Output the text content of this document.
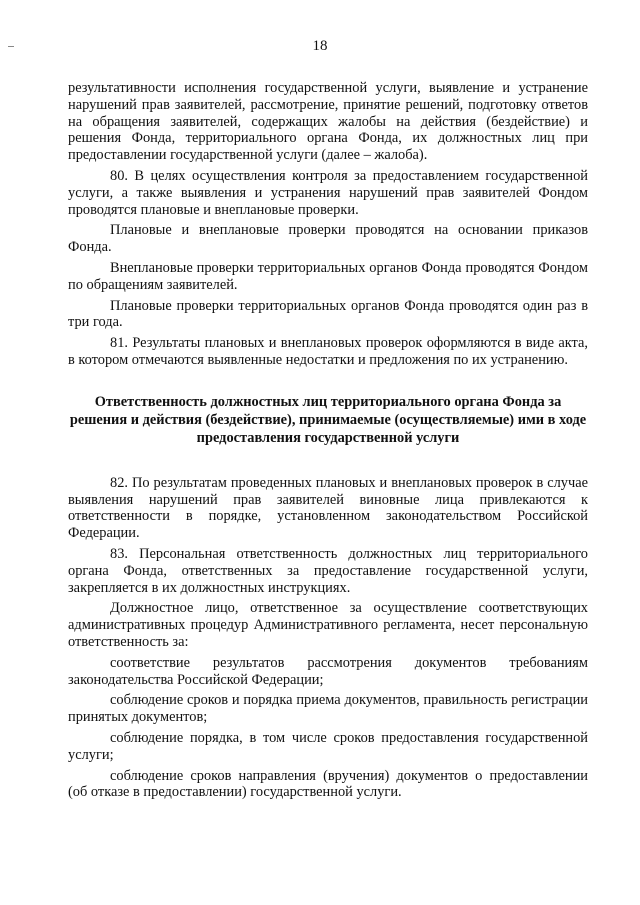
18

результативности исполнения государственной услуги, выявление и устранение нарушений прав заявителей, рассмотрение, принятие решений, подготовку ответов на обращения заявителей, содержащих жалобы на действия (бездействие) и решения Фонда, территориального органа Фонда, их должностных лиц при предоставлении государственной услуги (далее – жалоба).

80. В целях осуществления контроля за предоставлением государственной услуги, а также выявления и устранения нарушений прав заявителей Фондом проводятся плановые и внеплановые проверки.

Плановые и внеплановые проверки проводятся на основании приказов Фонда.

Внеплановые проверки территориальных органов Фонда проводятся Фондом по обращениям заявителей.

Плановые проверки территориальных органов Фонда проводятся один раз в три года.

81. Результаты плановых и внеплановых проверок оформляются в виде акта, в котором отмечаются выявленные недостатки и предложения по их устранению.

Ответственность должностных лиц территориального органа Фонда за решения и действия (бездействие), принимаемые (осуществляемые) ими в ходе предоставления государственной услуги

82. По результатам проведенных плановых и внеплановых проверок в случае выявления нарушений прав заявителей виновные лица привлекаются к ответственности в порядке, установленном законодательством Российской Федерации.

83. Персональная ответственность должностных лиц территориального органа Фонда, ответственных за предоставление государственной услуги, закрепляется в их должностных инструкциях.

Должностное лицо, ответственное за осуществление соответствующих административных процедур Административного регламента, несет персональную ответственность за:

соответствие результатов рассмотрения документов требованиям законодательства Российской Федерации;

соблюдение сроков и порядка приема документов, правильность регистрации принятых документов;

соблюдение порядка, в том числе сроков предоставления государственной услуги;

соблюдение сроков направления (вручения) документов о предоставлении (об отказе в предоставлении) государственной услуги.
